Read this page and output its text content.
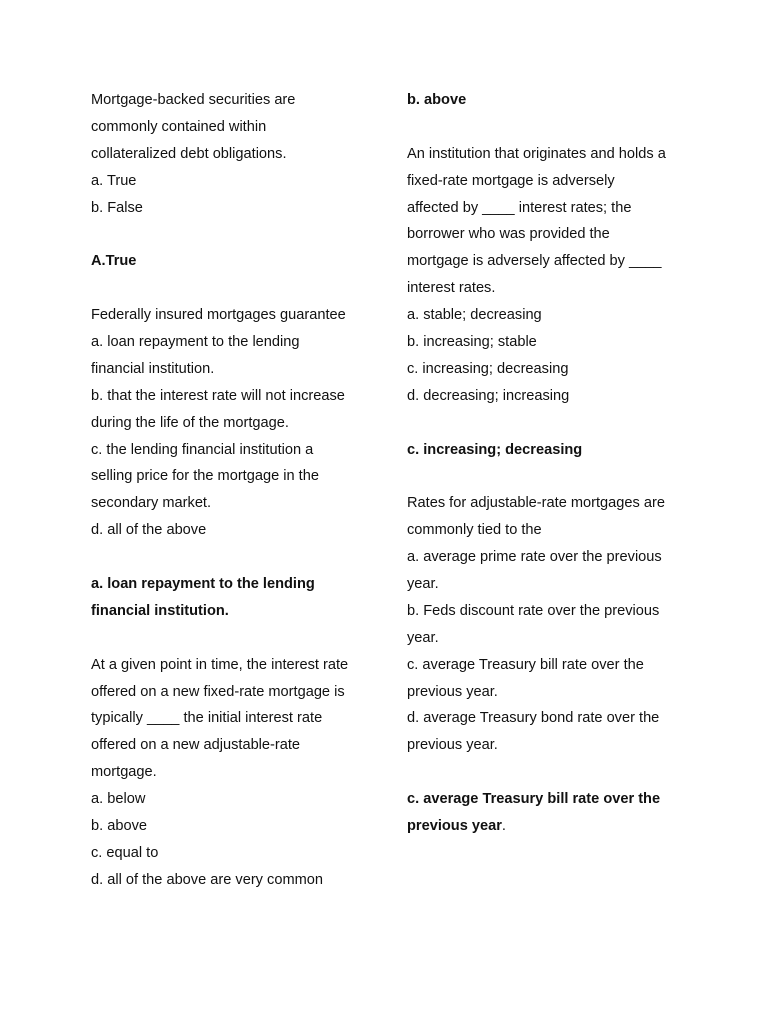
Mortgage-backed securities are
commonly contained within
collateralized debt obligations.
a. True
b. False
A.True
Federally insured mortgages guarantee
a. loan repayment to the lending
financial institution.
b. that the interest rate will not increase
during the life of the mortgage.
c. the lending financial institution a
selling price for the mortgage in the
secondary market.
d. all of the above
a. loan repayment to the lending
financial institution.
At a given point in time, the interest rate
offered on a new fixed-rate mortgage is
typically ____ the initial interest rate
offered on a new adjustable-rate
mortgage.
a. below
b. above
c. equal to
d. all of the above are very common
b. above
An institution that originates and holds a
fixed-rate mortgage is adversely
affected by ____ interest rates; the
borrower who was provided the
mortgage is adversely affected by ____
interest rates.
a. stable; decreasing
b. increasing; stable
c. increasing; decreasing
d. decreasing; increasing
c. increasing; decreasing
Rates for adjustable-rate mortgages are
commonly tied to the
a. average prime rate over the previous
year.
b. Feds discount rate over the previous
year.
c. average Treasury bill rate over the
previous year.
d. average Treasury bond rate over the
previous year.
c. average Treasury bill rate over the
previous year.
